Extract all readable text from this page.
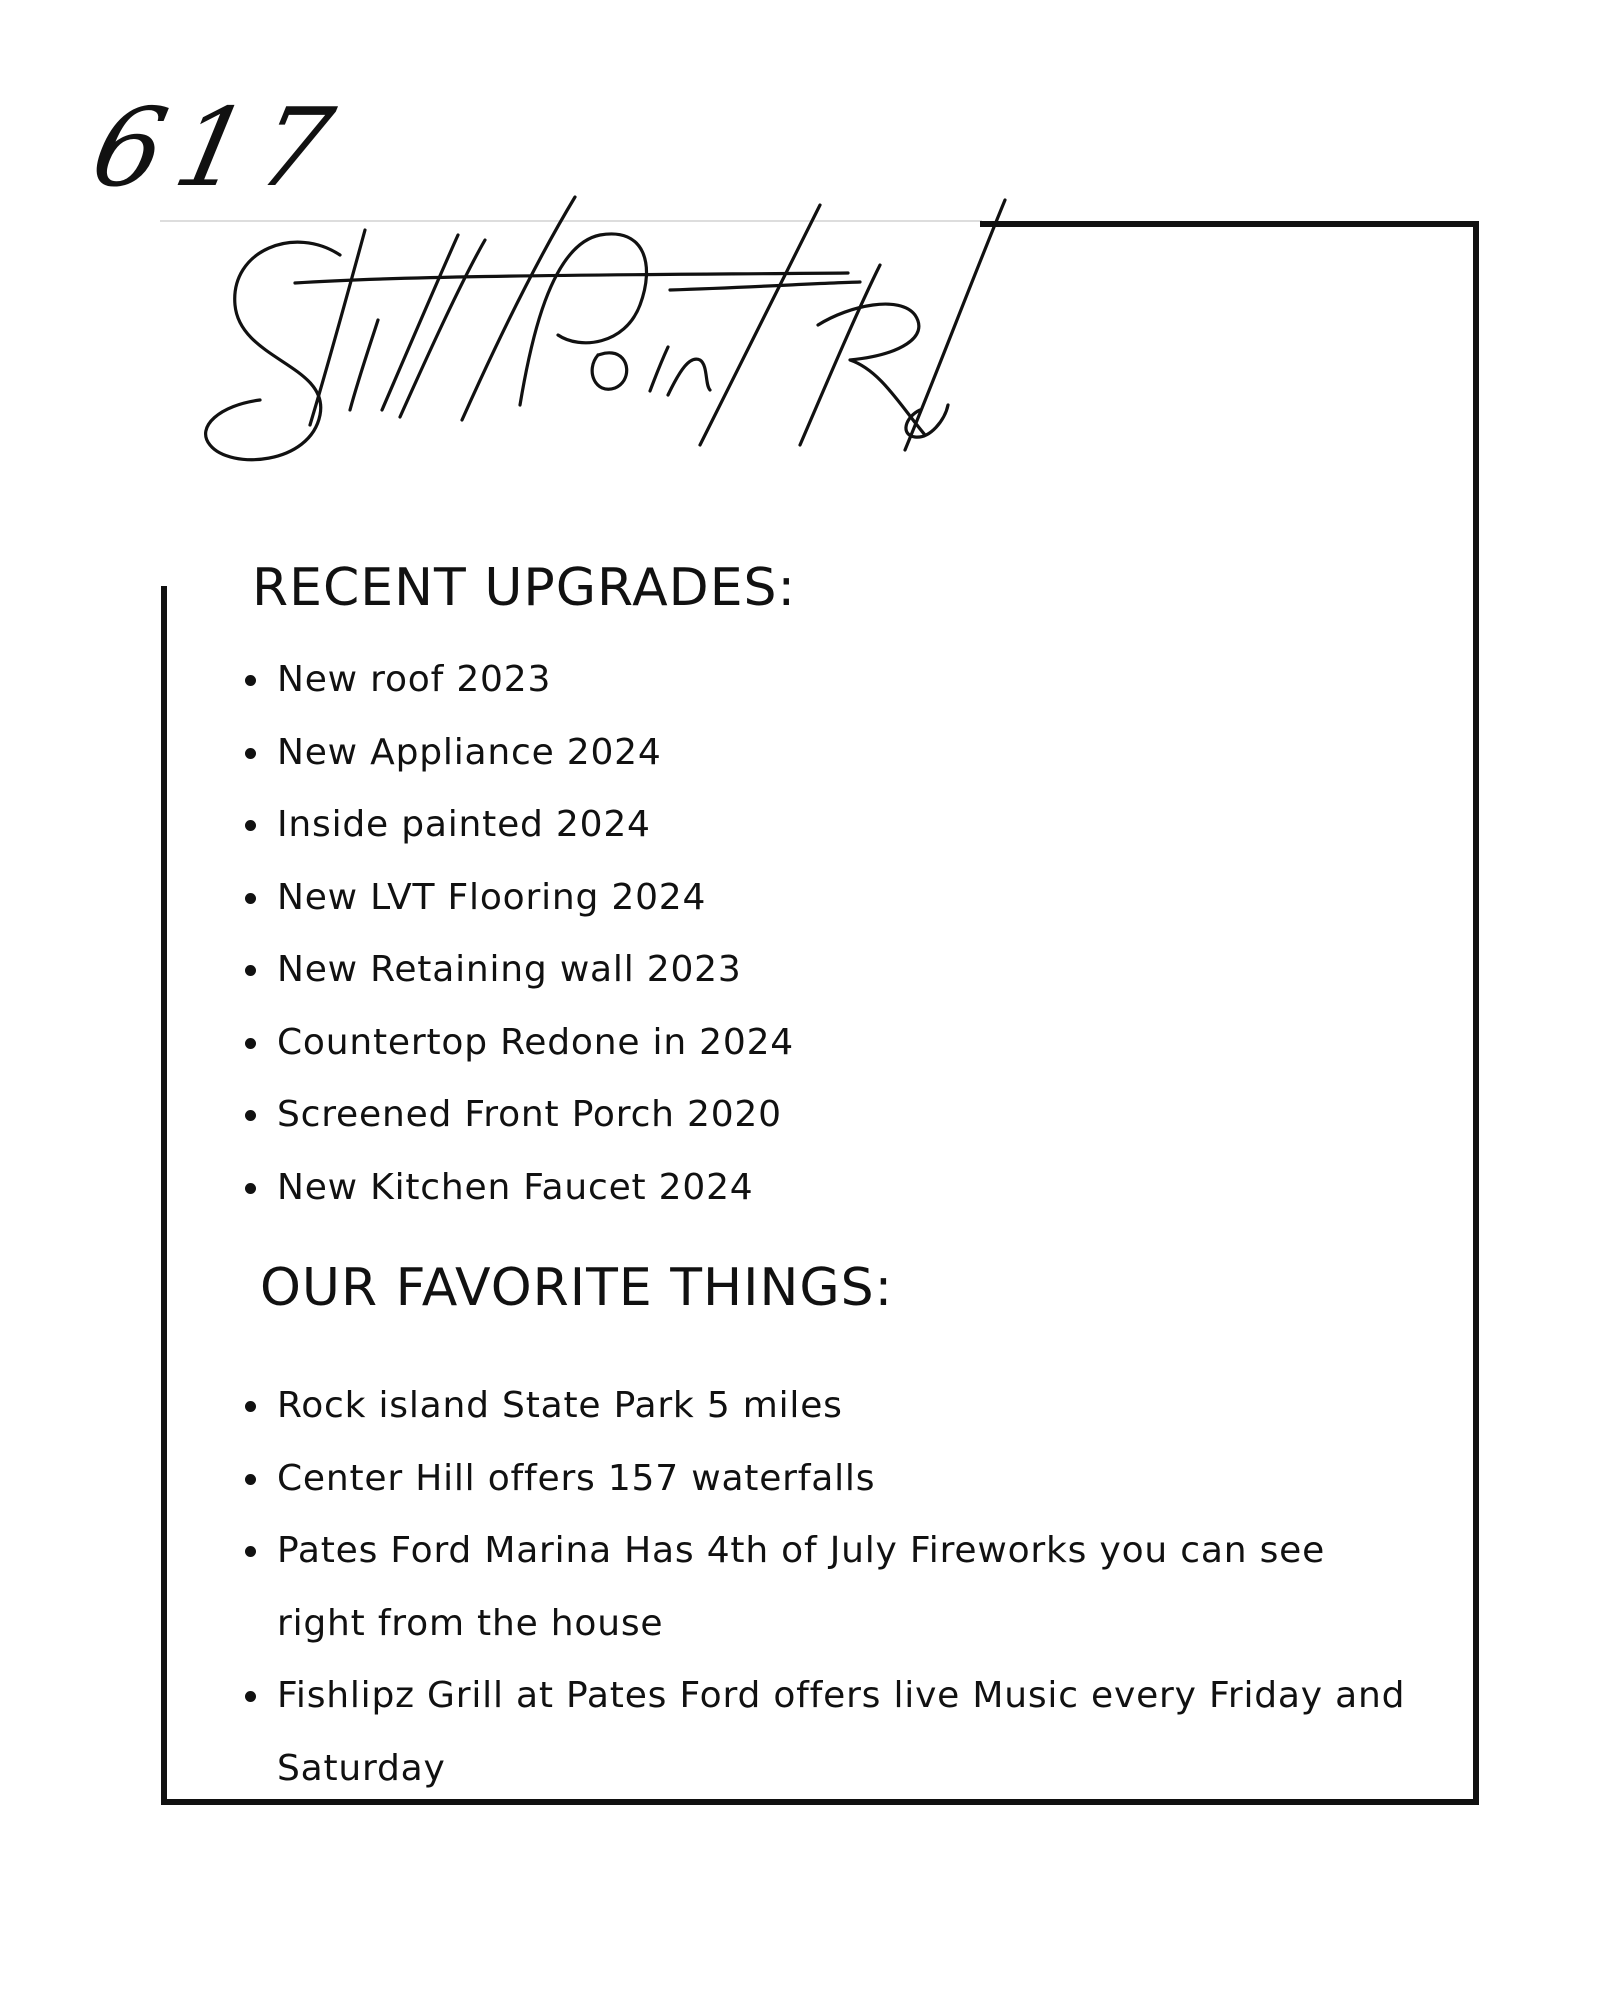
617
RECENT UPGRADES:
New roof 2023
New Appliance 2024
Inside painted 2024
New LVT Flooring 2024
New Retaining wall 2023
Countertop Redone in 2024
Screened Front Porch 2020
New Kitchen Faucet 2024
OUR FAVORITE THINGS:
Rock island State Park 5 miles
Center Hill offers 157 waterfalls
Pates Ford Marina Has 4th of July Fireworks you can see right from the house
Fishlipz Grill at Pates Ford offers live Music every Friday and Saturday
